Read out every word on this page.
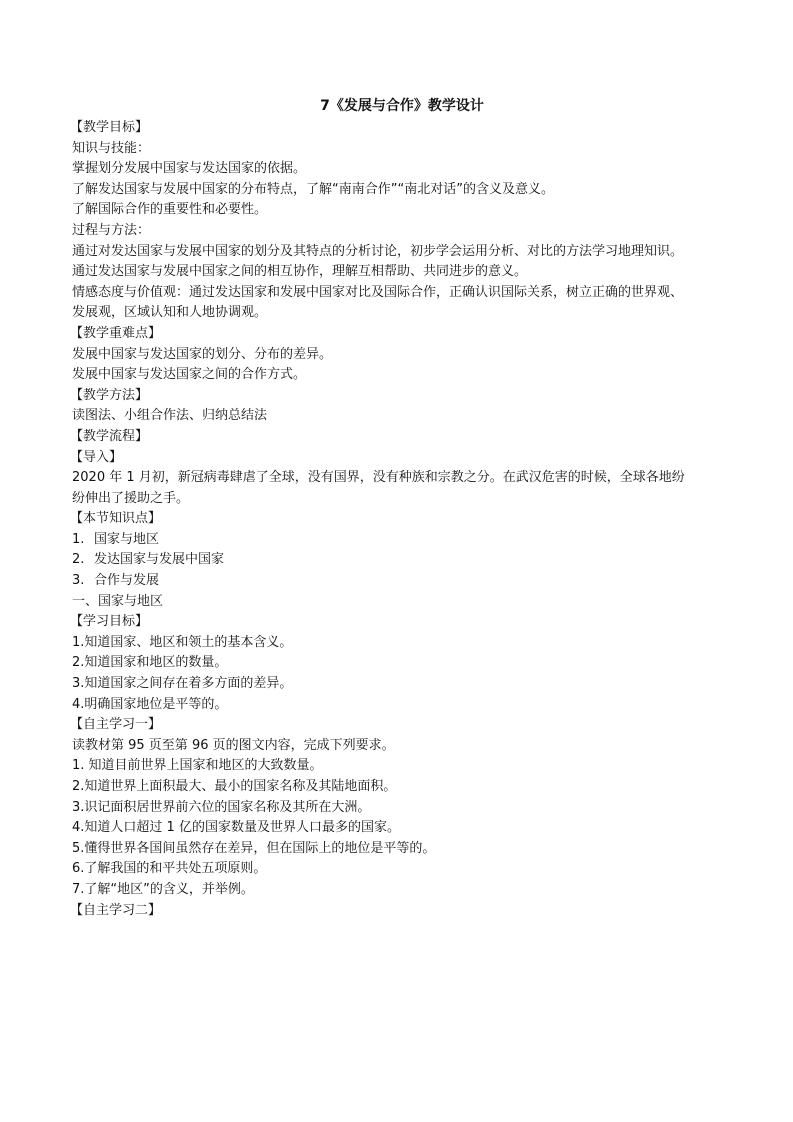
7《发展与合作》教学设计
【教学目标】
知识与技能：
掌握划分发展中国家与发达国家的依据。
了解发达国家与发展中国家的分布特点，了解“南南合作”“南北对话”的含义及意义。
了解国际合作的重要性和必要性。
过程与方法：
通过对发达国家与发展中国家的划分及其特点的分析讨论，初步学会运用分析、对比的方法学习地理知识。
通过发达国家与发展中国家之间的相互协作，理解互相帮助、共同进步的意义。
情感态度与价值观：通过发达国家和发展中国家对比及国际合作，正确认识国际关系，树立正确的世界观、
发展观，区域认知和人地协调观。
【教学重难点】
发展中国家与发达国家的划分、分布的差异。
发展中国家与发达国家之间的合作方式。
【教学方法】
读图法、小组合作法、归纳总结法
【教学流程】
【导入】
2020 年 1 月初，新冠病毒肆虐了全球，没有国界，没有种族和宗教之分。在武汉危害的时候，全球各地纷
纷伸出了援助之手。
【本节知识点】
1. 国家与地区
2. 发达国家与发展中国家
3. 合作与发展
一、国家与地区
【学习目标】
1.知道国家、地区和领土的基本含义。
2.知道国家和地区的数量。
3.知道国家之间存在着多方面的差异。
4.明确国家地位是平等的。
【自主学习一】
读教材第 95 页至第 96 页的图文内容，完成下列要求。
1. 知道目前世界上国家和地区的大致数量。
2.知道世界上面积最大、最小的国家名称及其陆地面积。
3.识记面积居世界前六位的国家名称及其所在大洲。
4.知道人口超过 1 亿的国家数量及世界人口最多的国家。
5.懂得世界各国间虽然存在差异，但在国际上的地位是平等的。
6.了解我国的和平共处五项原则。
7.了解“地区”的含义，并举例。
【自主学习二】
